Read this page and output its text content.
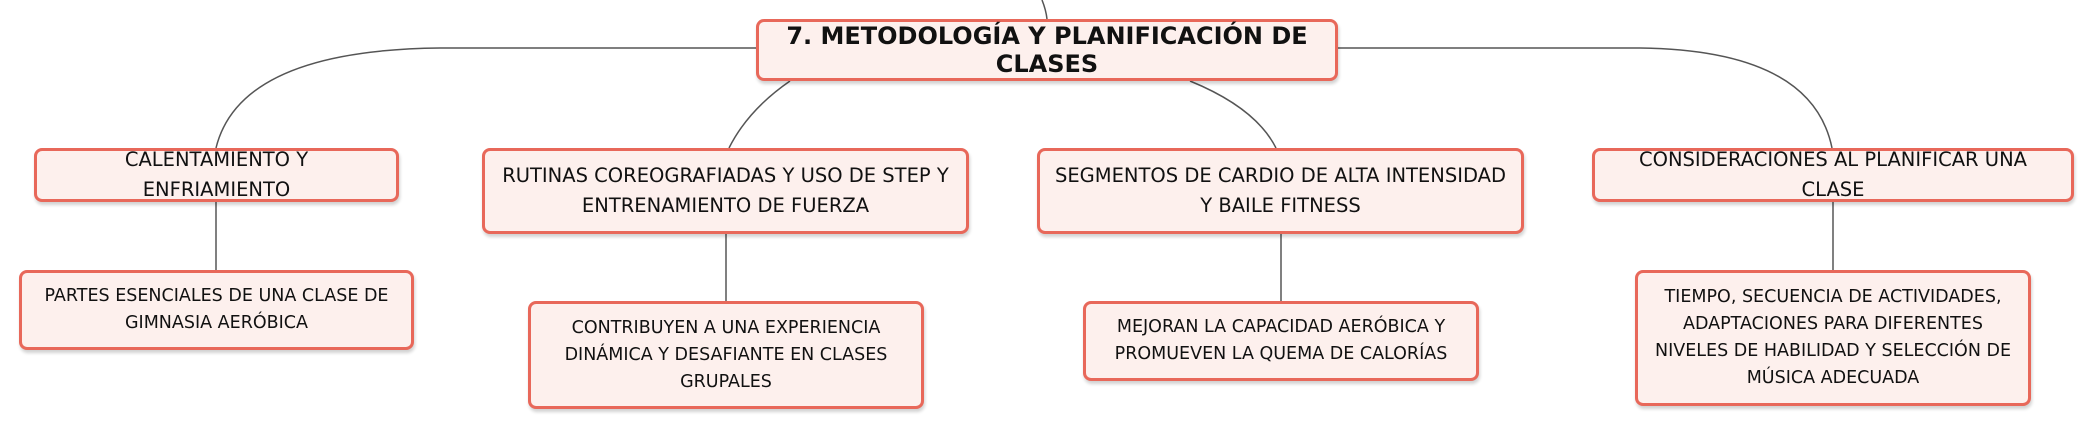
7. METODOLOGÍA Y PLANIFICACIÓN DE CLASES
CALENTAMIENTO Y ENFRIAMIENTO
RUTINAS COREOGRAFIADAS Y USO DE STEP Y ENTRENAMIENTO DE FUERZA
SEGMENTOS DE CARDIO DE ALTA INTENSIDAD Y BAILE FITNESS
CONSIDERACIONES AL PLANIFICAR UNA CLASE
PARTES ESENCIALES DE UNA CLASE DE GIMNASIA AERÓBICA	CONTRIBUYEN A UNA EXPERIENCIA DINÁMICA Y DESAFIANTE EN CLASES GRUPALES
MEJORAN LA CAPACIDAD AERÓBICA Y PROMUEVEN LA QUEMA DE CALORÍAS
TIEMPO, SECUENCIA DE ACTIVIDADES, ADAPTACIONES PARA DIFERENTES NIVELES DE HABILIDAD Y SELECCIÓN DE MÚSICA ADECUADA
